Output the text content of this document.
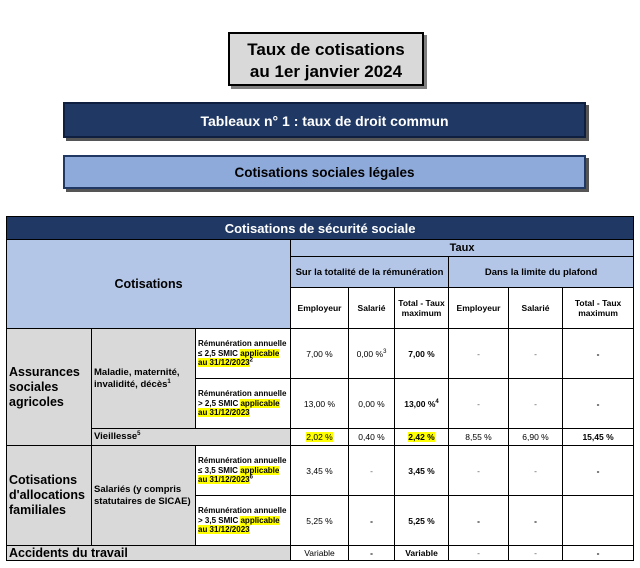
Taux de cotisations
au 1er janvier 2024
Tableaux n° 1 : taux de droit commun
Cotisations sociales légales
Cotisations de sécurité sociale								
Cotisations			Taux					
			Sur la totalité de la rémunération			Dans la limite du plafond		
			Employeur	Salarié	Total - Taux maximum	Employeur	Salarié	Total - Taux maximum
Assurances sociales agricoles	Maladie, maternité, invalidité, décès$^1$	Rémunération annuelle ≤ 2,5 SMIC applicable au 31/12/2023$^2$	7,00 %	0,00 %$^3$	7,00 %	-	-	-
		Rémunération annuelle > 2,5 SMIC applicable au 31/12/2023	13,00 %	0,00 %	13,00 %$^4$	-	-	-
	Vieillesse$^5$		2,02 %	0,40 %	2,42 %	8,55 %	6,90 %	15,45 %
Cotisations d'allocations familiales	Salariés (y compris statutaires de SICAE)	Rémunération annuelle ≤ 3,5 SMIC applicable au 31/12/2023$^6$	3,45 %	-	3,45 %	-	-	-
		Rémunération annuelle > 3,5 SMIC applicable au 31/12/2023	5,25 %	-	5,25 %	-	-	
Accidents du travail			Variable	-	Variable	-	-	-
